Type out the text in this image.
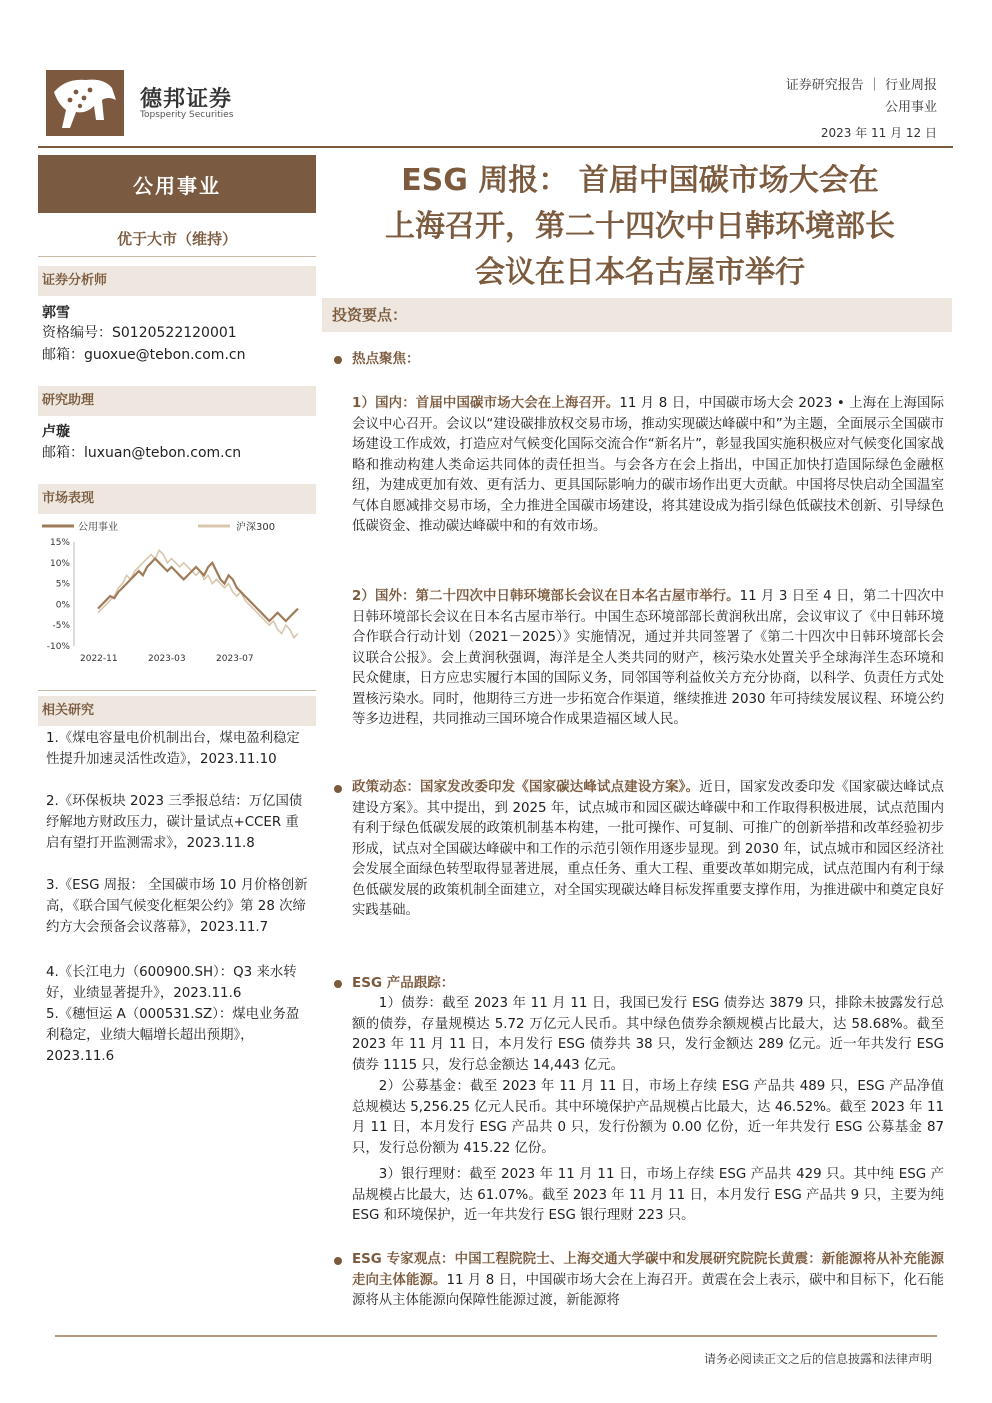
德邦证券
Topsperity Securities
证券研究报告 ｜ 行业周报
公用事业
2023 年 11 月 12 日
公用事业
优于大市（维持）
证券分析师
郭雪
资格编号：S0120522120001
邮箱：guoxue@tebon.com.cn
研究助理
卢璇
邮箱：luxuan@tebon.com.cn
市场表现
公用事业	沪深300
15%
10%
5%
0%
-5%
-10%
2022-11	2023-03	2023-07
相关研究
1.《煤电容量电价机制出台，煤电盈利稳定性提升加速灵活性改造》，2023.11.10
2.《环保板块 2023 三季报总结：万亿国债纾解地方财政压力，碳计量试点+CCER 重启有望打开监测需求》，2023.11.8
3.《ESG 周报： 全国碳市场 10 月价格创新高，《联合国气候变化框架公约》第 28 次缔约方大会预备会议落幕》，2023.11.7
4.《长江电力（600900.SH）：Q3 来水转好，业绩显著提升》，2023.11.6
5.《穗恒运 A（000531.SZ）：煤电业务盈利稳定，业绩大幅增长超出预期》，2023.11.6
ESG 周报： 首届中国碳市场大会在
上海召开，第二十四次中日韩环境部长
会议在日本名古屋市举行
投资要点：
热点聚焦：
1）国内：首届中国碳市场大会在上海召开。11 月 8 日，中国碳市场大会 2023 • 上海在上海国际会议中心召开。会议以“建设碳排放权交易市场，推动实现碳达峰碳中和”为主题，全面展示全国碳市场建设工作成效，打造应对气候变化国际交流合作“新名片”，彰显我国实施积极应对气候变化国家战略和推动构建人类命运共同体的责任担当。与会各方在会上指出，中国正加快打造国际绿色金融枢纽，为建成更加有效、更有活力、更具国际影响力的碳市场作出更大贡献。中国将尽快启动全国温室气体自愿减排交易市场，全力推进全国碳市场建设，将其建设成为指引绿色低碳技术创新、引导绿色低碳资金、推动碳达峰碳中和的有效市场。
2）国外：第二十四次中日韩环境部长会议在日本名古屋市举行。11 月 3 日至 4 日，第二十四次中日韩环境部长会议在日本名古屋市举行。中国生态环境部部长黄润秋出席，会议审议了《中日韩环境合作联合行动计划（2021－2025）》实施情况，通过并共同签署了《第二十四次中日韩环境部长会议联合公报》。会上黄润秋强调，海洋是全人类共同的财产，核污染水处置关乎全球海洋生态环境和民众健康，日方应忠实履行本国的国际义务，同邻国等利益攸关方充分协商，以科学、负责任方式处置核污染水。同时，他期待三方进一步拓宽合作渠道，继续推进 2030 年可持续发展议程、环境公约等多边进程，共同推动三国环境合作成果造福区域人民。
政策动态：国家发改委印发《国家碳达峰试点建设方案》。近日，国家发改委印发《国家碳达峰试点建设方案》。其中提出，到 2025 年，试点城市和园区碳达峰碳中和工作取得积极进展，试点范围内有利于绿色低碳发展的政策机制基本构建，一批可操作、可复制、可推广的创新举措和改革经验初步形成，试点对全国碳达峰碳中和工作的示范引领作用逐步显现。到 2030 年，试点城市和园区经济社会发展全面绿色转型取得显著进展，重点任务、重大工程、重要改革如期完成，试点范围内有利于绿色低碳发展的政策机制全面建立，对全国实现碳达峰目标发挥重要支撑作用，为推进碳中和奠定良好实践基础。
ESG 产品跟踪：
1）债券：截至 2023 年 11 月 11 日，我国已发行 ESG 债券达 3879 只，排除未披露发行总额的债券，存量规模达 5.72 万亿元人民币。其中绿色债券余额规模占比最大，达 58.68%。截至 2023 年 11 月 11 日，本月发行 ESG 债券共 38 只，发行金额达 289 亿元。近一年共发行 ESG 债券 1115 只，发行总金额达 14,443 亿元。
2）公募基金：截至 2023 年 11 月 11 日，市场上存续 ESG 产品共 489 只，ESG 产品净值总规模达 5,256.25 亿元人民币。其中环境保护产品规模占比最大，达 46.52%。截至 2023 年 11 月 11 日，本月发行 ESG 产品共 0 只，发行份额为 0.00 亿份，近一年共发行 ESG 公募基金 87 只，发行总份额为 415.22 亿份。
3）银行理财：截至 2023 年 11 月 11 日，市场上存续 ESG 产品共 429 只。其中纯 ESG 产品规模占比最大，达 61.07%。截至 2023 年 11 月 11 日，本月发行 ESG 产品共 9 只，主要为纯 ESG 和环境保护，近一年共发行 ESG 银行理财 223 只。
ESG 专家观点：中国工程院院士、上海交通大学碳中和发展研究院院长黄震：新能源将从补充能源走向主体能源。11 月 8 日，中国碳市场大会在上海召开。黄震在会上表示，碳中和目标下，化石能源将从主体能源向保障性能源过渡，新能源将
请务必阅读正文之后的信息披露和法律声明
